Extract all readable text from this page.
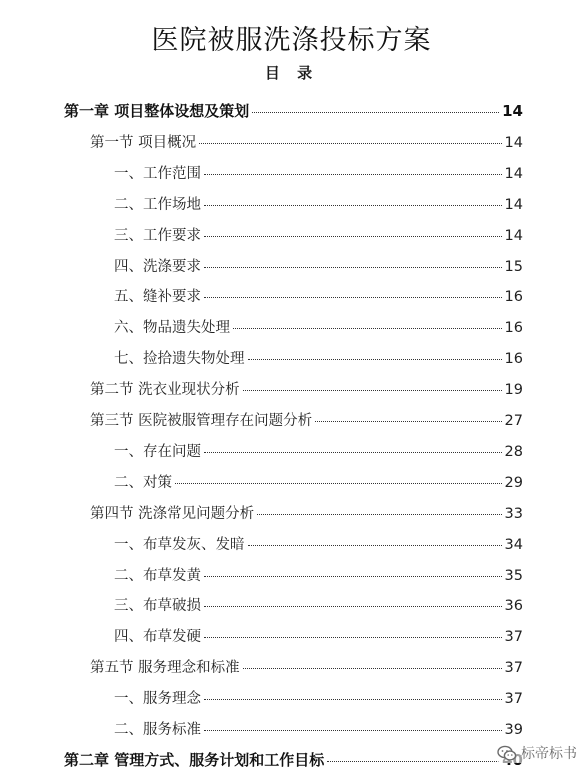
医院被服洗涤投标方案
目 录
第一章 项目整体设想及策划	14
第一节 项目概况	14
一、工作范围	14
二、工作场地	14
三、工作要求	14
四、洗涤要求	15
五、缝补要求	16
六、物品遗失处理	16
七、捡拾遗失物处理	16
第二节 洗衣业现状分析	19
第三节 医院被服管理存在问题分析	27
一、存在问题	28
二、对策	29
第四节 洗涤常见问题分析	33
一、布草发灰、发暗	34
二、布草发黄	35
三、布草破损	36
四、布草发硬	37
第五节 服务理念和标准	37
一、服务理念	37
二、服务标准	39
第二章 管理方式、服务计划和工作目标	标帝标书
